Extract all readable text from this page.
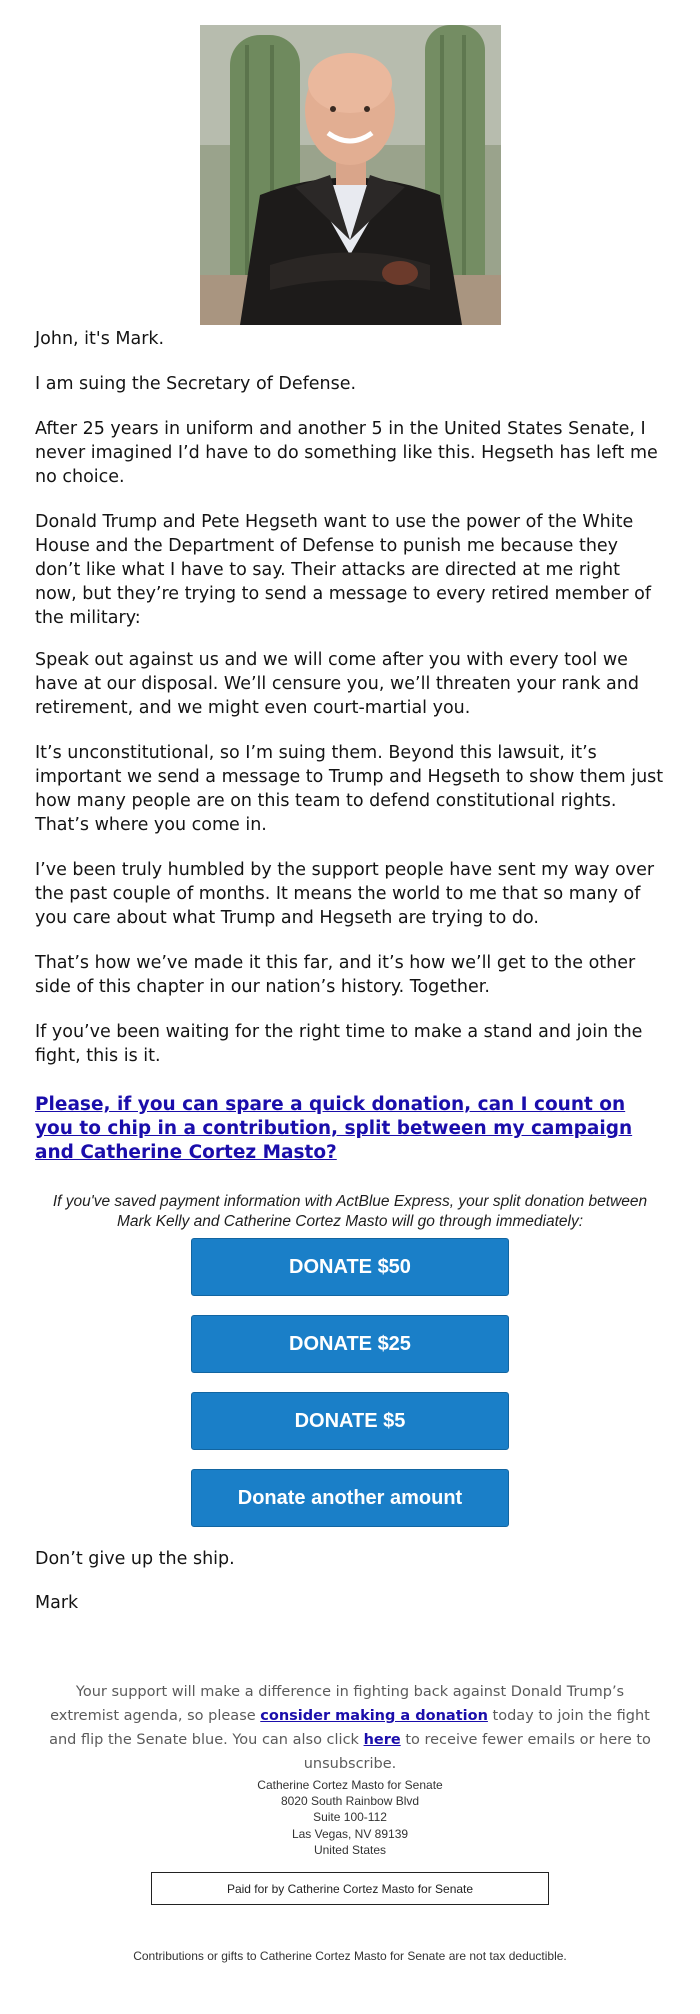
John, it's Mark.

I am suing the Secretary of Defense.

After 25 years in uniform and another 5 in the United States Senate, I never imagined I’d have to do something like this. Hegseth has left me no choice.

Donald Trump and Pete Hegseth want to use the power of the White House and the Department of Defense to punish me because they don’t like what I have to say. Their attacks are directed at me right now, but they’re trying to send a message to every retired member of the military:

Speak out against us and we will come after you with every tool we have at our disposal. We’ll censure you, we’ll threaten your rank and retirement, and we might even court-martial you.

It’s unconstitutional, so I’m suing them. Beyond this lawsuit, it’s important we send a message to Trump and Hegseth to show them just how many people are on this team to defend constitutional rights. That’s where you come in.

I’ve been truly humbled by the support people have sent my way over the past couple of months. It means the world to me that so many of you care about what Trump and Hegseth are trying to do.

That’s how we’ve made it this far, and it’s how we’ll get to the other side of this chapter in our nation’s history. Together.

If you’ve been waiting for the right time to make a stand and join the fight, this is it.

Please, if you can spare a quick donation, can I count on you to chip in a contribution, split between my campaign and Catherine Cortez Masto?
If you've saved payment information with ActBlue Express, your split donation between Mark Kelly and Catherine Cortez Masto will go through immediately:
DONATE $50
DONATE $25
DONATE $5
Donate another amount

Don’t give up the ship.

Mark

Your support will make a difference in fighting back against Donald Trump’s extremist agenda, so please consider making a donation today to join the fight and flip the Senate blue. You can also click here to receive fewer emails or here to unsubscribe.
Catherine Cortez Masto for Senate
8020 South Rainbow Blvd
Suite 100-112
Las Vegas, NV 89139
United States
Paid for by Catherine Cortez Masto for Senate
Contributions or gifts to Catherine Cortez Masto for Senate are not tax deductible.
